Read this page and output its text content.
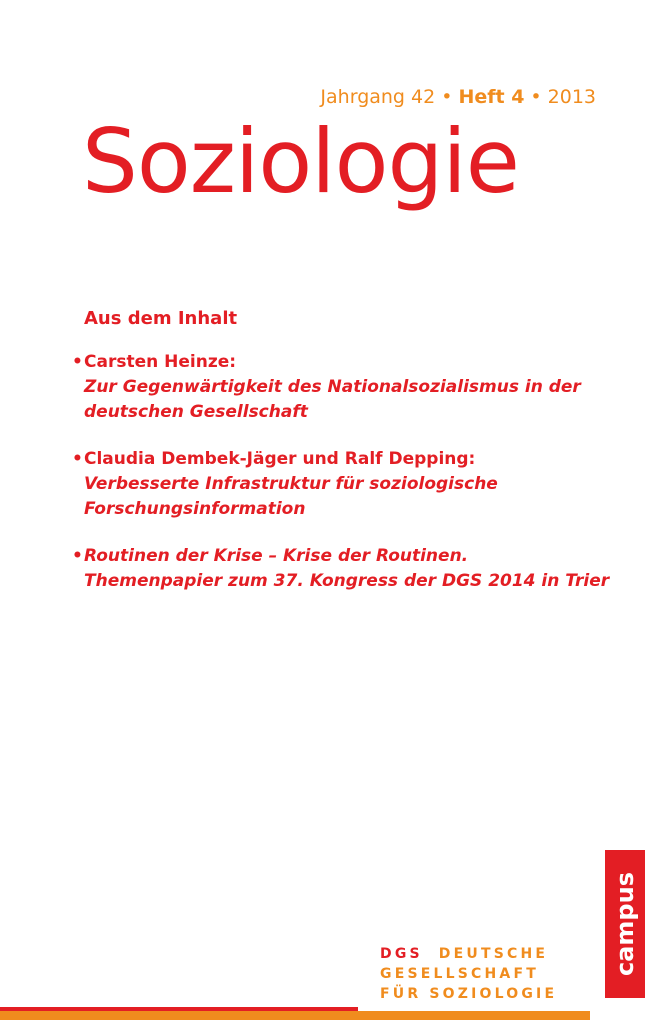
Jahrgang 42 • Heft 4 • 2013
Soziologie
Aus dem Inhalt
• Carsten Heinze:
Zur Gegenwärtigkeit des Nationalsozialismus in der
deutschen Gesellschaft
• Claudia Dembek-Jäger und Ralf Depping:
Verbesserte Infrastruktur für soziologische
Forschungsinformation
• Routinen der Krise – Krise der Routinen.
Themenpapier zum 37. Kongress der DGS 2014 in Trier
DGS DEUTSCHE
GESELLSCHAFT
FÜR SOZIOLOGIE
campus
